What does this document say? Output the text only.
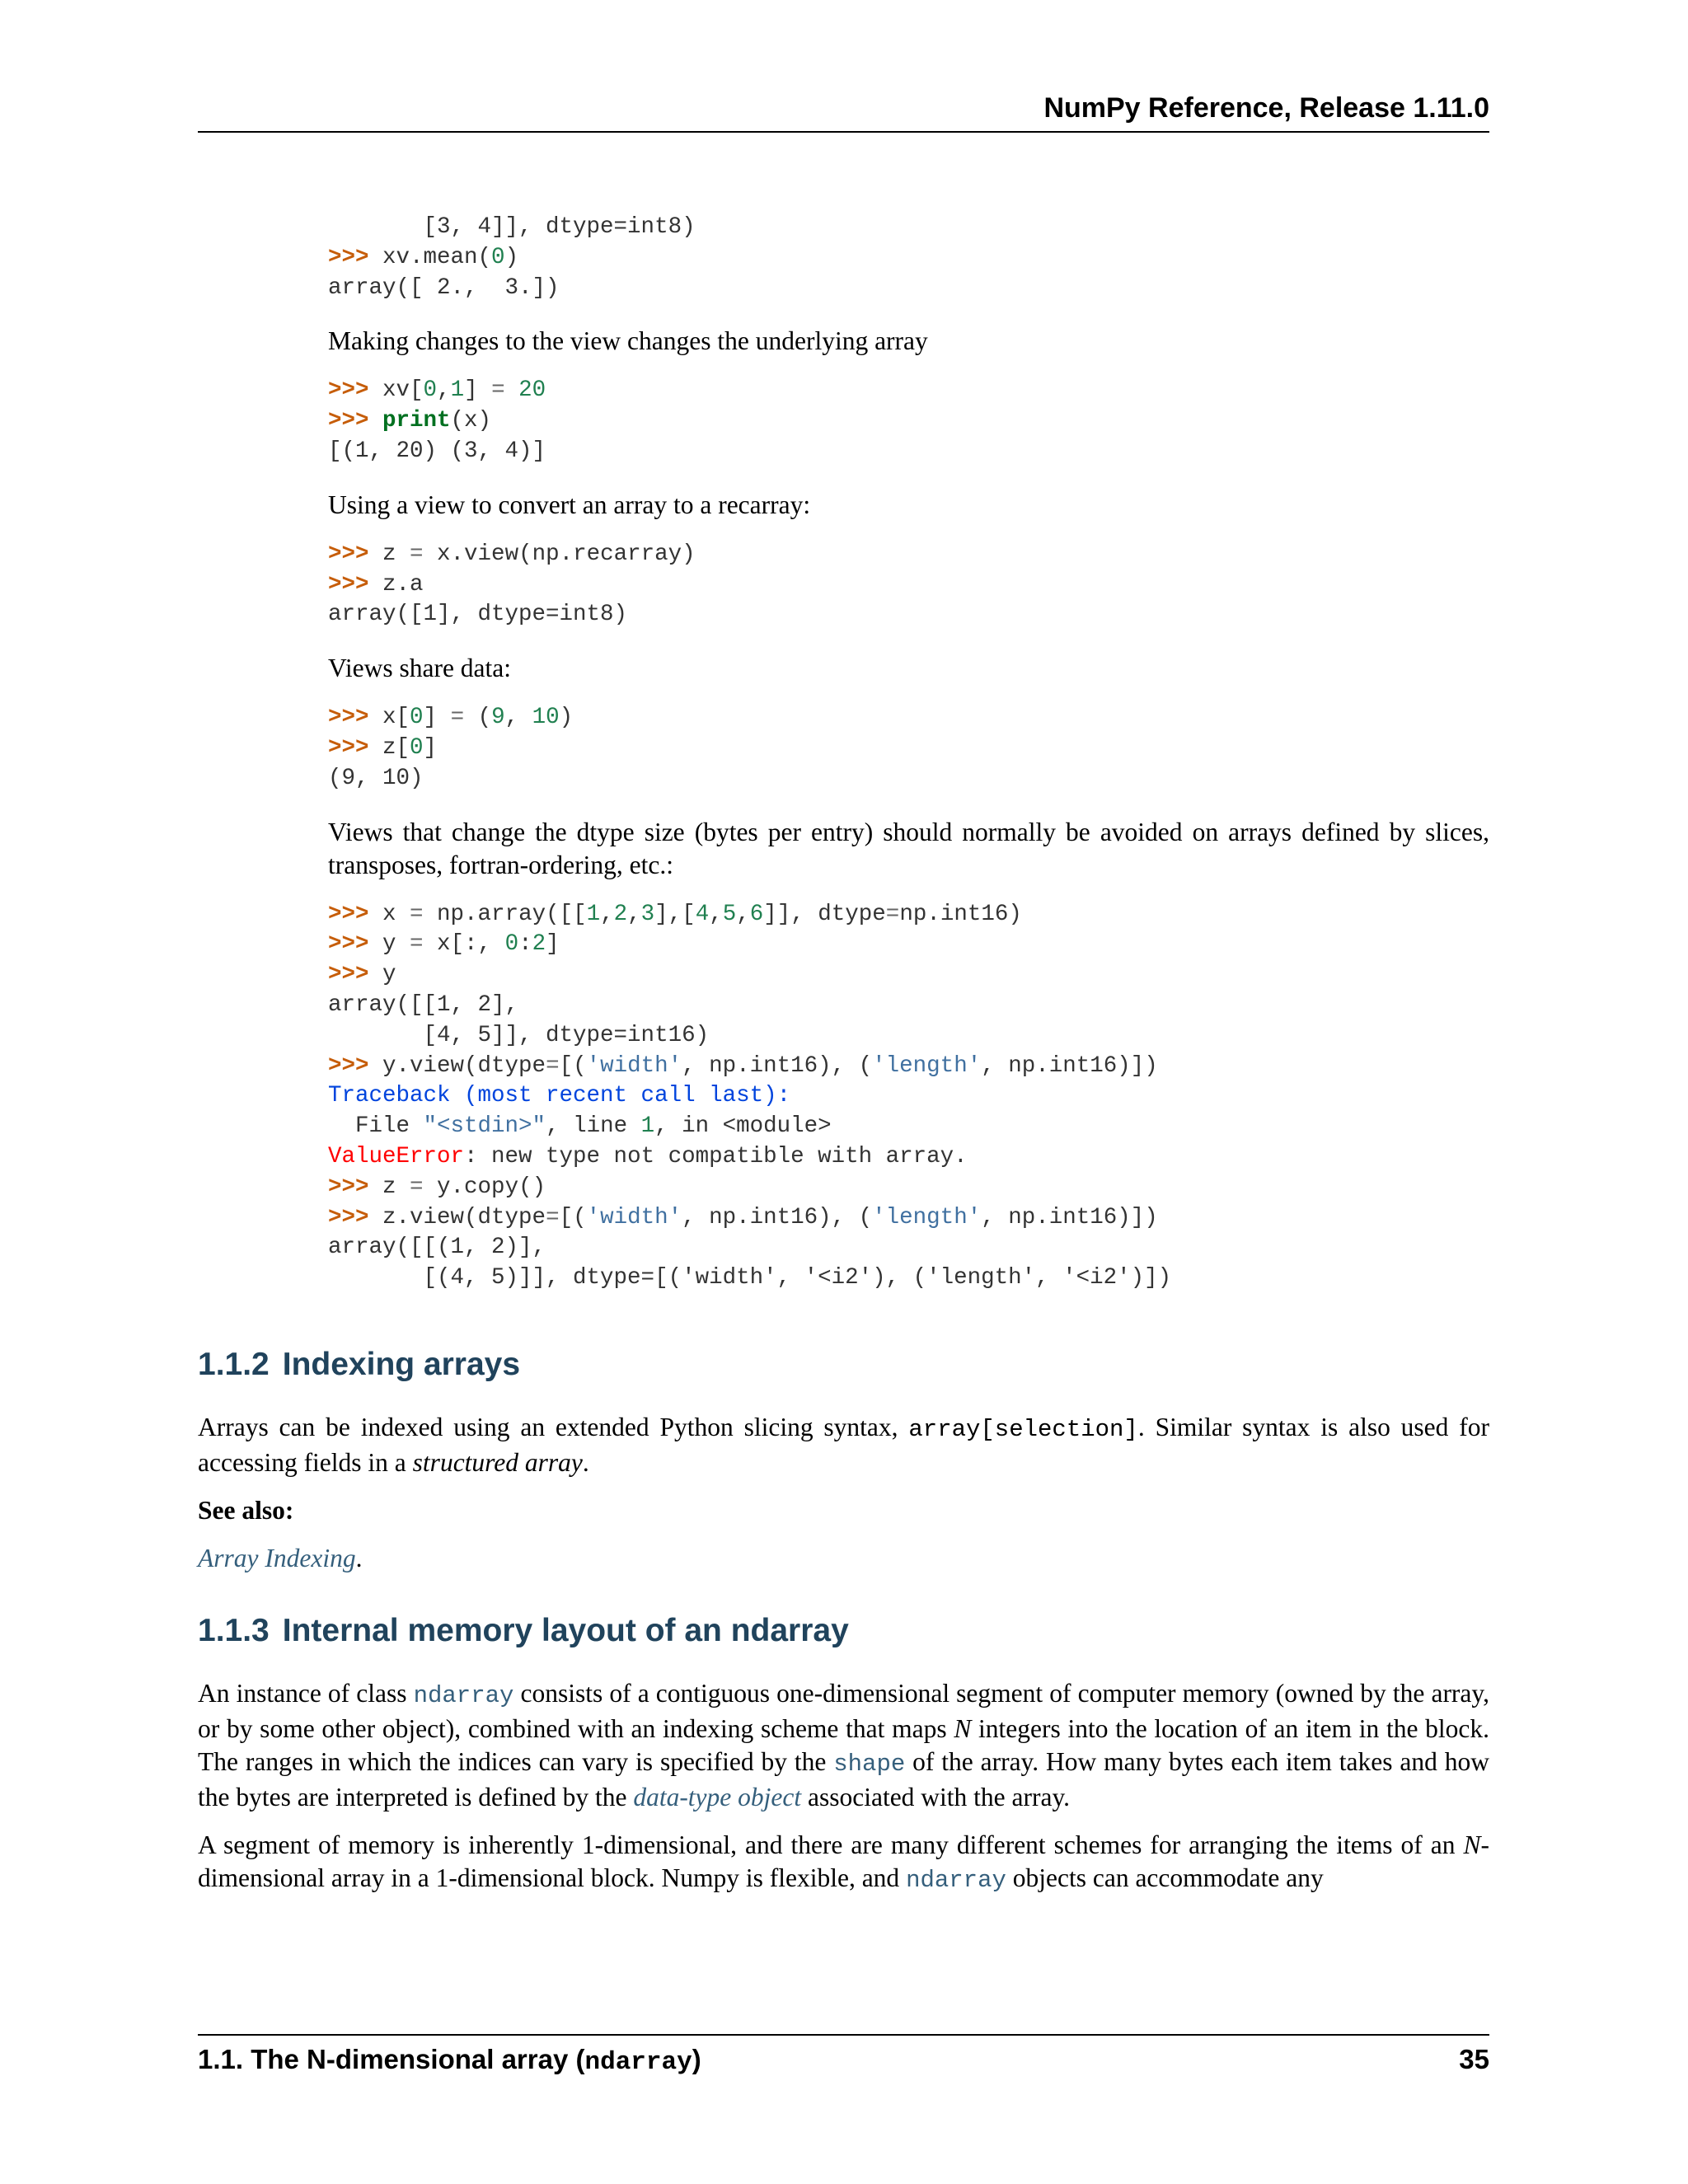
NumPy Reference, Release 1.11.0
[3, 4]], dtype=int8)
>>> xv.mean(0)
array([ 2.,  3.])

Making changes to the view changes the underlying array

>>> xv[0,1] = 20
>>> print(x)
[(1, 20) (3, 4)]

Using a view to convert an array to a recarray:

>>> z = x.view(np.recarray)
>>> z.a
array([1], dtype=int8)

Views share data:

>>> x[0] = (9, 10)
>>> z[0]
(9, 10)

Views that change the dtype size (bytes per entry) should normally be avoided on arrays defined by slices, transposes, fortran-ordering, etc.:

>>> x = np.array([[1,2,3],[4,5,6]], dtype=np.int16)
>>> y = x[:, 0:2]
>>> y
array([[1, 2],
[4, 5]], dtype=int16)
>>> y.view(dtype=[('width', np.int16), ('length', np.int16)])
Traceback (most recent call last):
File "<stdin>", line 1, in <module>
ValueError: new type not compatible with array.
>>> z = y.copy()
>>> z.view(dtype=[('width', np.int16), ('length', np.int16)])
array([[(1, 2)],
[(4, 5)]], dtype=[('width', '<i2'), ('length', '<i2')])
1.1.2 Indexing arrays

Arrays can be indexed using an extended Python slicing syntax, array[selection]. Similar syntax is also used for accessing fields in a structured array.

See also:

Array Indexing.

1.1.3 Internal memory layout of an ndarray

An instance of class ndarray consists of a contiguous one-dimensional segment of computer memory (owned by the array, or by some other object), combined with an indexing scheme that maps N integers into the location of an item in the block. The ranges in which the indices can vary is specified by the shape of the array. How many bytes each item takes and how the bytes are interpreted is defined by the data-type object associated with the array.

A segment of memory is inherently 1-dimensional, and there are many different schemes for arranging the items of an N-dimensional array in a 1-dimensional block. Numpy is flexible, and ndarray objects can accommodate any

1.1. The N-dimensional array (ndarray)	35
